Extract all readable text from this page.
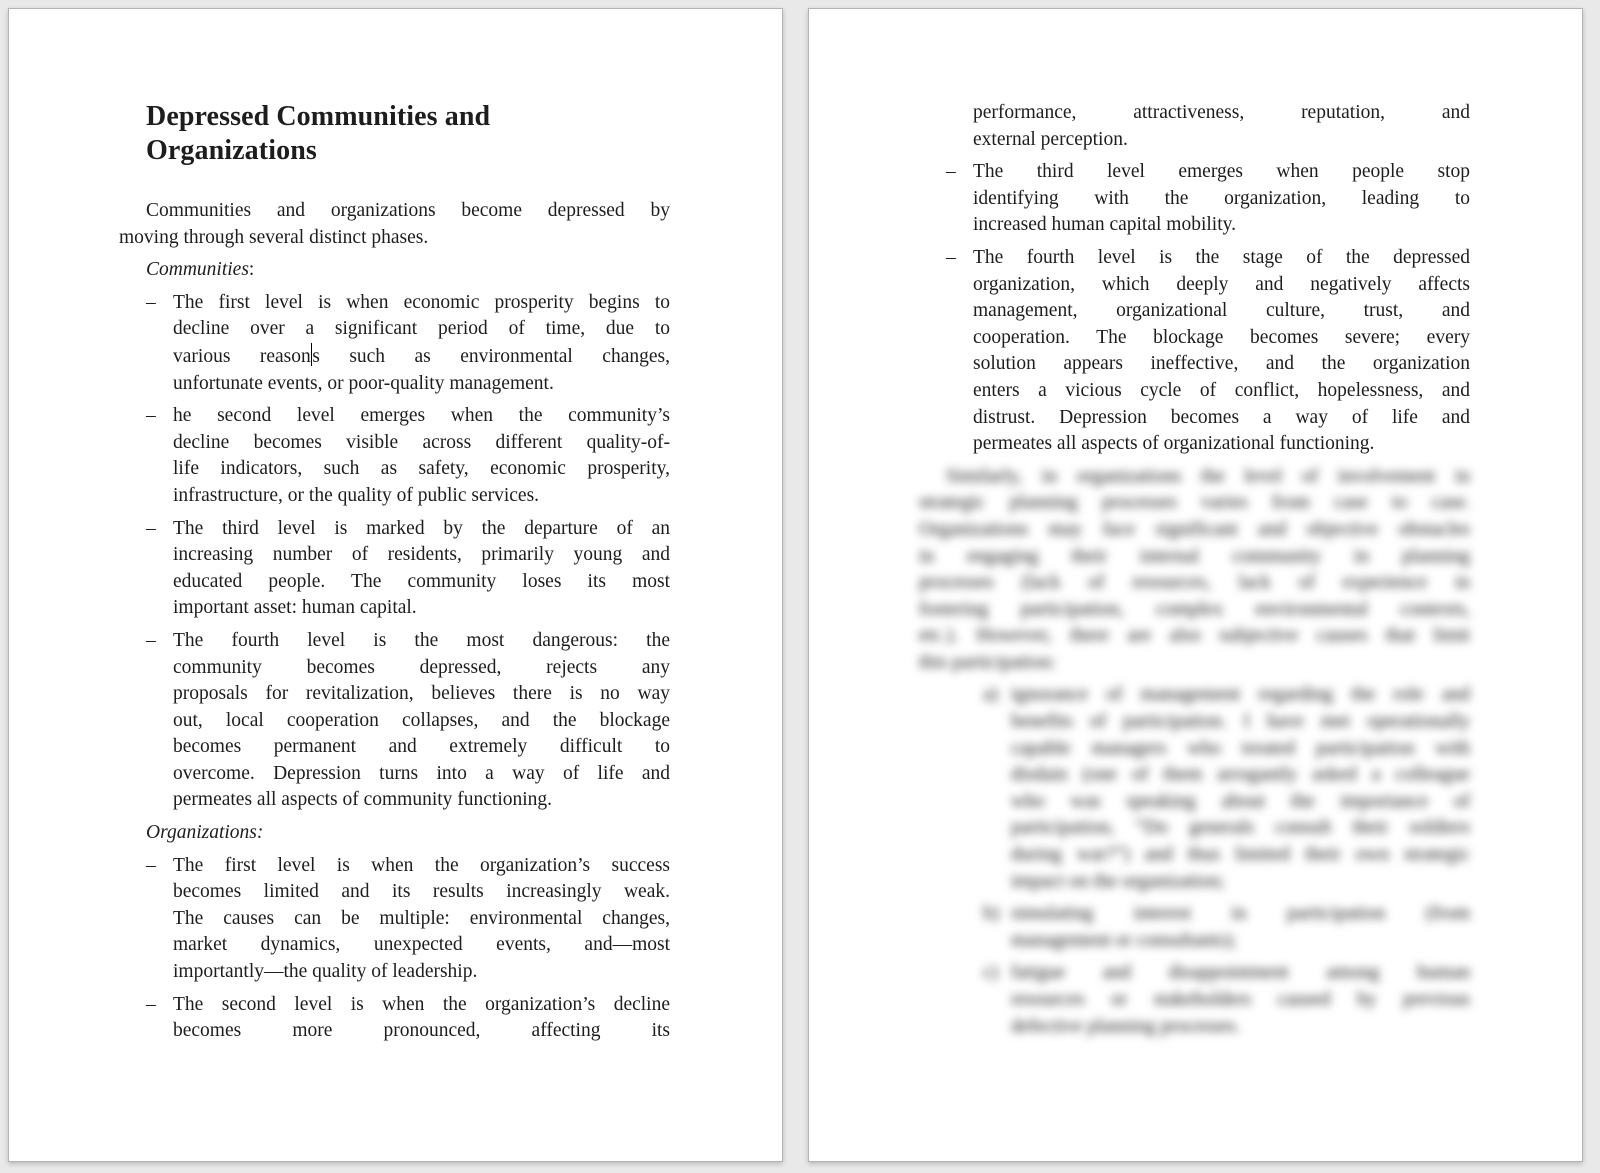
Depressed Communities and
Organizations
Communities and organizations become depressed by
moving through several distinct phases.
Communities:
– The first level is when economic prosperity begins to
decline over a significant period of time, due to
various reasons such as environmental changes,
unfortunate events, or poor-quality management.
– he second level emerges when the community’s
decline becomes visible across different quality-of-
life indicators, such as safety, economic prosperity,
infrastructure, or the quality of public services.
– The third level is marked by the departure of an
increasing number of residents, primarily young and
educated people. The community loses its most
important asset: human capital.
– The fourth level is the most dangerous: the
community becomes depressed, rejects any
proposals for revitalization, believes there is no way
out, local cooperation collapses, and the blockage
becomes permanent and extremely difficult to
overcome. Depression turns into a way of life and
permeates all aspects of community functioning.
Organizations:
– The first level is when the organization’s success
becomes limited and its results increasingly weak.
The causes can be multiple: environmental changes,
market dynamics, unexpected events, and—most
importantly—the quality of leadership.
– The second level is when the organization’s decline
becomes more pronounced, affecting its
performance, attractiveness, reputation, and
external perception.
– The third level emerges when people stop
identifying with the organization, leading to
increased human capital mobility.
– The fourth level is the stage of the depressed
organization, which deeply and negatively affects
management, organizational culture, trust, and
cooperation. The blockage becomes severe; every
solution appears ineffective, and the organization
enters a vicious cycle of conflict, hopelessness, and
distrust. Depression becomes a way of life and
permeates all aspects of organizational functioning.
Similarly, in organizations the level of involvement in
strategic planning processes varies from case to case.
Organizations may face significant and objective obstacles
in engaging their internal community in planning
processes (lack of resources, lack of experience in
fostering participation, complex environmental contexts,
etc.). However, there are also subjective causes that limit
this participation:
a) ignorance of management regarding the role and
benefits of participation. I have met operationally
capable managers who treated participation with
disdain (one of them arrogantly asked a colleague
who was speaking about the importance of
participation, “Do generals consult their soldiers
during war?”) and thus limited their own strategic
impact on the organization;
b) simulating interest in participation (from
management or consultants);
c) fatigue and disappointment among human
resources or stakeholders caused by previous
defective planning processes.
